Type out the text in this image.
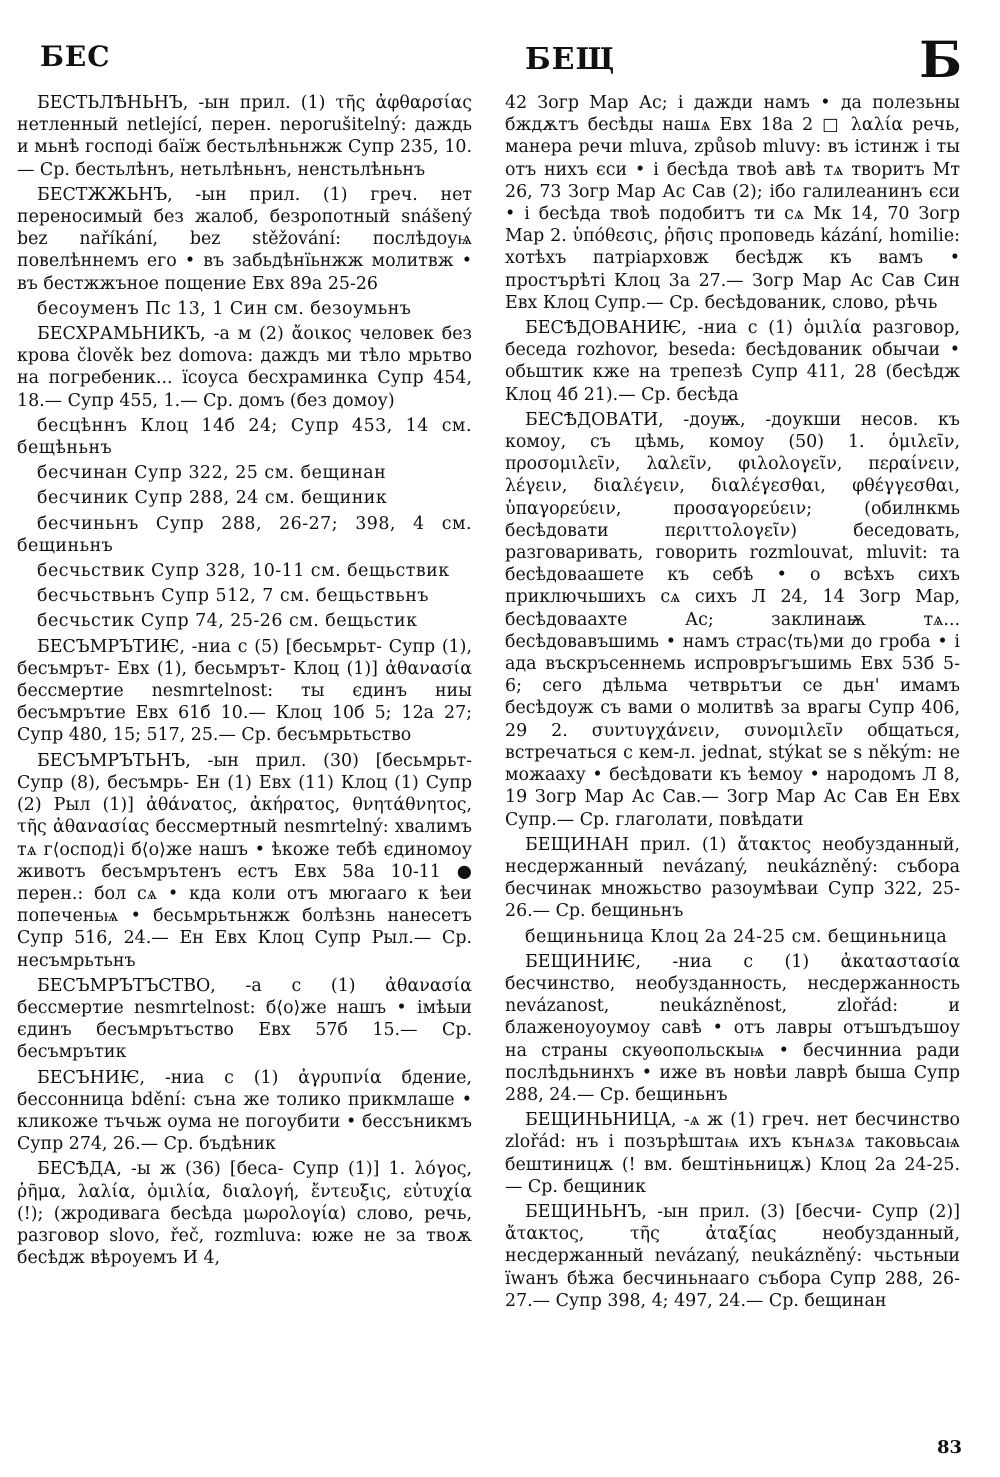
БЕС	БЕЩ	Б

БЕСТЬЛѢНЬНЪ, -ын прил. (1) τῆς ἀφθαρσίας нетленный netlející, перен. neporušitelný: даждь и мьнѣ господі баїж бестьлѣньнжж Супр 235, 10.— Ср. бестьлѣнъ, нетьлѣньнъ, ненстьлѣньнъ

БЕСТЖЖЬНЪ, -ын прил. (1) греч. нет переносимый без жалоб, безропотный snášený bez naříkání, bez stěžování: послѣдоуѩ повелѣннемъ его • въ забьдѣнїьнжж молитвж • въ бестжжъное пощение Евх 89а 25-26

бесоуменъ Пс 13, 1 Син см. безоумьнъ

БЕСХРАМЬНИКЪ, -а м (2) ἄοικος человек без крова člověk bez domova: даждъ ми тѣло мрьтво на погребеник... їсоуса бесхраминка Супр 454, 18.— Супр 455, 1.— Ср. домъ (без домоу)

бесцѣннъ Клоц 14б 24; Супр 453, 14 см. бещѣньнъ

бесчинан Супр 322, 25 см. бещинан

бесчиник Супр 288, 24 см. бещиник

бесчиньнъ Супр 288, 26-27; 398, 4 см. бещиньнъ

бесчьствик Супр 328, 10-11 см. бещьствик

бесчьствьнъ Супр 512, 7 см. бещьствьнъ

бесчьстик Супр 74, 25-26 см. бещьстик

БЕСЪМРЪТИѤ, -ниа с (5) [бесьмрьт- Супр (1), бесъмрът- Евх (1), бесьмрът- Клоц (1)] ἀθανασία бессмертие nesmrtelnost: ты єдинъ ниы бесъмрътие Евх 61б 10.— Клоц 10б 5; 12а 27; Супр 480, 15; 517, 25.— Ср. бесъмрьтьство

БЕСЪМРЪТЬНЪ, -ын прил. (30) [бесьмрьт- Супр (8), бесъмрь- Ен (1) Евх (11) Клоц (1) Супр (2) Рыл (1)] ἀθάνατος, ἀκήρατος, θνητάθνητος, τῆς ἀθανασίας бессмертный nesmrtelný: хвалимъ тѧ г⟨оспод⟩і б⟨о⟩же нашъ • ѣкоже тебѣ єдиномоу животъ бесъмрътенъ естъ Евх 58а 10-11 ● перен.: бол сѧ • кда коли отъ мюгааго к ѣеи попеченьѩ • бесьмрьтьнжж болѣзнь нанесетъ Супр 516, 24.— Ен Евх Клоц Супр Рыл.— Ср. несъмрьтьнъ

БЕСЪМРЪТЪСТВО, -а с (1) ἀθανασία бессмертие nesmrtelnost: б⟨о⟩же нашъ • імѣыи єдинъ бесъмрътъство Евх 57б 15.— Ср. бесъмрътик

БЕСЪНИѤ, -ниа с (1) ἀγρυπνία бдение, бессонница bdění: съна же толико прикмлаше • кликоже тъчьж оума не погоубити • бессъникмъ Супр 274, 26.— Ср. бъдѣник

БЕСѢДА, -ы ж (36) [беса- Супр (1)] 1. λόγος, ῥῆμα, λαλία, ὁμιλία, διαλογή, ἔντευξις, εὐτυχία (!); (жродивага бесѣда μωρολογία) слово, речь, разговор slovo, řeč, rozmluva: юже не за твоѫ бесѣдж вѣроуемъ И 4,

42 Зогр Мар Ас; і дажди намъ • да полезьны бждѫтъ бесѣды нашѧ Евх 18а 2 □ λαλία речь, манера речи mluva, způsob mluvy: въ істинж і ты отъ нихъ єси • і бесѣда твоѣ авѣ тѧ творитъ Мт 26, 73 Зогр Мар Ас Сав (2); ібо галилеанинъ єси • і бесѣда твоѣ подобитъ ти сѧ Мк 14, 70 Зогр Мар 2. ὑπόθεσις, ῥῆσις проповедь kázání, homilie: хотѣхъ патріарховж бесѣдж къ вамъ • простърѣті Клоц 3а 27.— Зогр Мар Ас Сав Син Евх Клоц Супр.— Ср. бесѣдованик, слово, рѣчь

БЕСѢДОВАНИѤ, -ниа с (1) ὁμιλία разговор, беседа rozhovor, beseda: бесѣдованик обычаи • обьштик кже на трепезѣ Супр 411, 28 (бесѣдж Клоц 4б 21).— Ср. бесѣда

БЕСѢДОВАТИ, -доуѭ, -доукши несов. къ комоу, съ цѣмь, комоу (50) 1. ὁμιλεῖν, προσομιλεῖν, λαλεῖν, φιλολογεῖν, περαίνειν, λέγειν, διαλέγειν, διαλέγεσθαι, φθέγγεσθαι, ὑπαγορεύειν, προσαγορεύειν; (обилнкмь бесѣдовати περιττολογεῖν) беседовать, разговаривать, говорить rozmlouvat, mluvit: та бесѣдоваашете къ себѣ • о всѣхъ сихъ приключьшихъ сѧ сихъ Л 24, 14 Зогр Мар, бесѣдоваахте Ас; заклинаѭ тѧ... бесѣдовавъшимь • намъ страс⟨ть⟩ми до гроба • і ада въскръсеннемь испровръгъшимь Евх 53б 5-6; сего дѣльма четврьтъи се дьн' имамъ бесѣдоуж съ вами о молитвѣ за врагы Супр 406, 29 2. συντυγχάνειν, συνομιλεῖν общаться, встречаться с кем-л. jednat, stýkat se s někým: не можааху • бесѣдовати къ ѣемоу • народомъ Л 8, 19 Зогр Мар Ас Сав.— Зогр Мар Ас Сав Ен Евх Супр.— Ср. глаголати, повѣдати

БЕЩИНАН прил. (1) ἄτακτος необузданный, несдержанный nevázaný, neukázněný: събора бесчинак множьство разоумѣваи Супр 322, 25-26.— Ср. бещиньнъ

бещиньница Клоц 2а 24-25 см. бещиньница

БЕЩИНИѤ, -ниа с (1) ἀκαταστασία бесчинство, необузданность, несдержанность nevázanost, neukázněnost, zlořád: и блаженоуоумоу савѣ • отъ лавры отъшъдъшоу на страны скуѳопольскыѩ • бесчинниа ради послѣдьнинхъ • иже въ новѣи лаврѣ быша Супр 288, 24.— Ср. бещиньнъ

БЕЩИНЬНИЦА, -ѧ ж (1) греч. нет бесчинство zlořád: нъ і позърѣштаѩ ихъ кънѧзѧ таковьсаѩ бештиницѫ (! вм. бештіньницѫ) Клоц 2а 24-25.— Ср. бещиник

БЕЩИНЬНЪ, -ын прил. (3) [бесчи- Супр (2)] ἄτακτος, τῆς ἀταξίας необузданный, несдержанный nevázaný, neukázněný: чьстьныи їwанъ бѣжа бесчиньнааго събора Супр 288, 26-27.— Супр 398, 4; 497, 24.— Ср. бещинан

83
